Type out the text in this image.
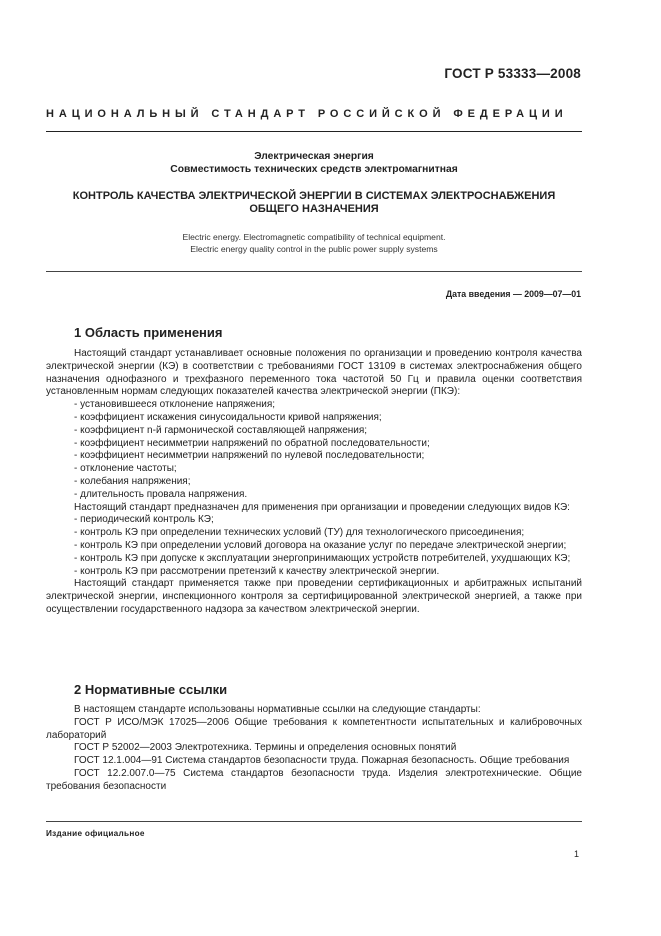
ГОСТ Р 53333—2008
НАЦИОНАЛЬНЫЙ СТАНДАРТ РОССИЙСКОЙ ФЕДЕРАЦИИ
Электрическая энергия
Совместимость технических средств электромагнитная
КОНТРОЛЬ КАЧЕСТВА ЭЛЕКТРИЧЕСКОЙ ЭНЕРГИИ В СИСТЕМАХ ЭЛЕКТРОСНАБЖЕНИЯ
ОБЩЕГО НАЗНАЧЕНИЯ
Electric energy. Electromagnetic compatibility of technical equipment.
Electric energy quality control in the public power supply systems
Дата введения — 2009—07—01
1 Область применения

Настоящий стандарт устанавливает основные положения по организации и проведению контроля качества электрической энергии (КЭ) в соответствии с требованиями ГОСТ 13109 в системах электроснабжения общего назначения однофазного и трехфазного переменного тока частотой 50 Гц и правила оценки соответствия установленным нормам следующих показателей качества электрической энергии (ПКЭ):

- установившееся отклонение напряжения;

- коэффициент искажения синусоидальности кривой напряжения;

- коэффициент n-й гармонической составляющей напряжения;

- коэффициент несимметрии напряжений по обратной последовательности;

- коэффициент несимметрии напряжений по нулевой последовательности;

- отклонение частоты;

- колебания напряжения;

- длительность провала напряжения.

Настоящий стандарт предназначен для применения при организации и проведении следующих видов КЭ:

- периодический контроль КЭ;

- контроль КЭ при определении технических условий (ТУ) для технологического присоединения;

- контроль КЭ при определении условий договора на оказание услуг по передаче электрической энергии;

- контроль КЭ при допуске к эксплуатации энергопринимающих устройств потребителей, ухудшающих КЭ;

- контроль КЭ при рассмотрении претензий к качеству электрической энергии.

Настоящий стандарт применяется также при проведении сертификационных и арбитражных испытаний электрической энергии, инспекционного контроля за сертифицированной электрической энергией, а также при осуществлении государственного надзора за качеством электрической энергии.

2 Нормативные ссылки

В настоящем стандарте использованы нормативные ссылки на следующие стандарты:

ГОСТ Р ИСО/МЭК 17025—2006 Общие требования к компетентности испытательных и калибровочных лабораторий

ГОСТ Р 52002—2003 Электротехника. Термины и определения основных понятий

ГОСТ 12.1.004—91 Система стандартов безопасности труда. Пожарная безопасность. Общие требования

ГОСТ 12.2.007.0—75 Система стандартов безопасности труда. Изделия электротехнические. Общие требования безопасности

Издание официальное
1
